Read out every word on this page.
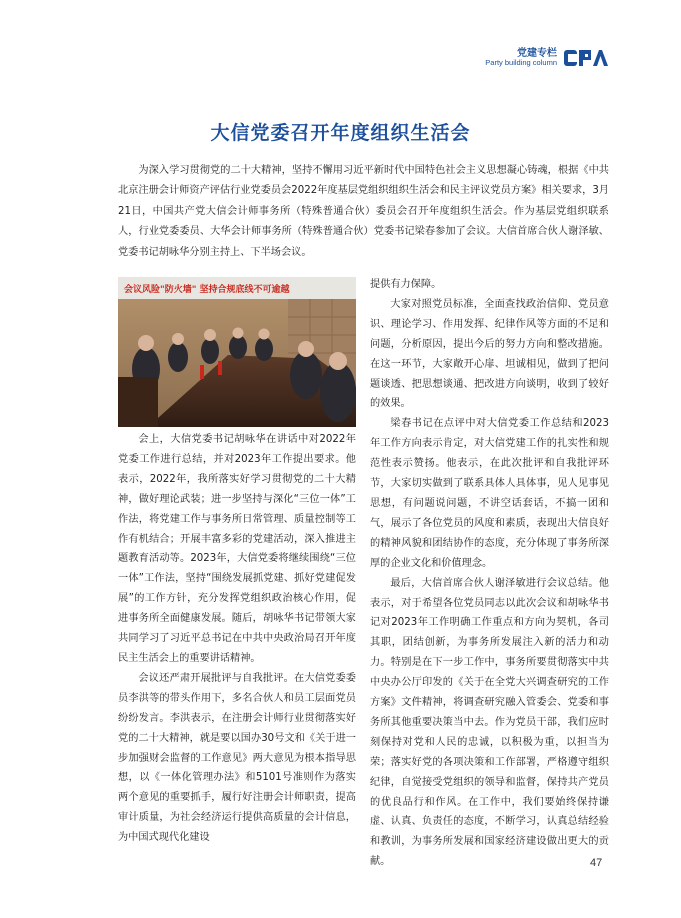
党建专栏
Party building column
大信党委召开年度组织生活会

为深入学习贯彻党的二十大精神，坚持不懈用习近平新时代中国特色社会主义思想凝心铸魂，根据《中共北京注册会计师资产评估行业党委员会2022年度基层党组织组织生活会和民主评议党员方案》相关要求，3月21日，中国共产党大信会计师事务所（特殊普通合伙）委员会召开年度组织生活会。作为基层党组织联系人，行业党委委员、大华会计师事务所（特殊普通合伙）党委书记梁春参加了会议。大信首席合伙人谢泽敏、党委书记胡咏华分别主持上、下半场会议。

会议风险"防火墙" 坚持合规底线不可逾越

会上，大信党委书记胡咏华在讲话中对2022年党委工作进行总结，并对2023年工作提出要求。他表示，2022年，我所落实好学习贯彻党的二十大精神，做好理论武装；进一步坚持与深化“三位一体”工作法，将党建工作与事务所日常管理、质量控制等工作有机结合；开展丰富多彩的党建活动，深入推进主题教育活动等。2023年，大信党委将继续围绕“三位一体”工作法，坚持“围绕发展抓党建、抓好党建促发展”的工作方针，充分发挥党组织政治核心作用，促进事务所全面健康发展。随后，胡咏华书记带领大家共同学习了习近平总书记在中共中央政治局召开年度民主生活会上的重要讲话精神。

会议还严肃开展批评与自我批评。在大信党委委员李洪等的带头作用下，多名合伙人和员工层面党员纷纷发言。李洪表示，在注册会计师行业贯彻落实好党的二十大精神，就是要以国办30号文和《关于进一步加强财会监督的工作意见》两大意见为根本指导思想，以《一体化管理办法》和5101号准则作为落实两个意见的重要抓手，履行好注册会计师职责，提高审计质量，为社会经济运行提供高质量的会计信息，为中国式现代化建设

提供有力保障。

大家对照党员标准，全面查找政治信仰、党员意识、理论学习、作用发挥、纪律作风等方面的不足和问题，分析原因，提出今后的努力方向和整改措施。在这一环节，大家敞开心扉、坦诚相见，做到了把问题谈透、把思想谈通、把改进方向谈明，收到了较好的效果。

梁春书记在点评中对大信党委工作总结和2023年工作方向表示肯定，对大信党建工作的扎实性和规范性表示赞扬。他表示，在此次批评和自我批评环节，大家切实做到了联系具体人具体事，见人见事见思想，有问题说问题，不讲空话套话，不搞一团和气，展示了各位党员的风度和素质，表现出大信良好的精神风貌和团结协作的态度，充分体现了事务所深厚的企业文化和价值理念。

最后，大信首席合伙人谢泽敏进行会议总结。他表示，对于希望各位党员同志以此次会议和胡咏华书记对2023年工作明确工作重点和方向为契机，各司其职，团结创新，为事务所发展注入新的活力和动力。特别是在下一步工作中，事务所要贯彻落实中共中央办公厅印发的《关于在全党大兴调查研究的工作方案》文件精神，将调查研究融入管委会、党委和事务所其他重要决策当中去。作为党员干部，我们应时刻保持对党和人民的忠诚，以积极为重，以担当为荣；落实好党的各项决策和工作部署，严格遵守组织纪律，自觉接受党组织的领导和监督，保持共产党员的优良品行和作风。在工作中，我们要始终保持谦虚、认真、负责任的态度，不断学习，认真总结经验和教训，为事务所发展和国家经济建设做出更大的贡献。	47
